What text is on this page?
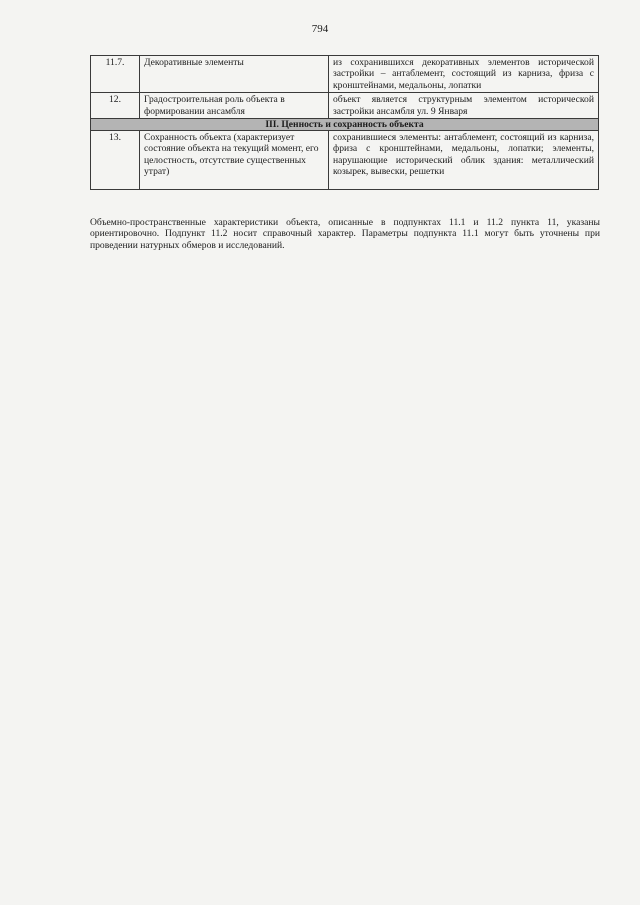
794
11.7.	Декоративные элементы	из сохранившихся декоративных элементов исторической застройки – антаблемент, состоящий из карниза, фриза с кронштейнами, медальоны, лопатки
12.	Градостроительная роль объекта в формировании ансамбля	объект является структурным элементом исторической застройки ансамбля ул. 9 Января
III. Ценность и сохранность объекта		
13.	Сохранность объекта (характеризует состояние объекта на текущий момент, его целостность, отсутствие существенных утрат)	сохранившиеся элементы: антаблемент, состоящий из карниза, фриза с кронштейнами, медальоны, лопатки; элементы, нарушающие исторический облик здания: металлический козырек, вывески, решетки

Объемно-пространственные характеристики объекта, описанные в подпунктах 11.1 и 11.2 пункта 11, указаны ориентировочно. Подпункт 11.2 носит справочный характер. Параметры подпункта 11.1 могут быть уточнены при проведении натурных обмеров и исследований.
